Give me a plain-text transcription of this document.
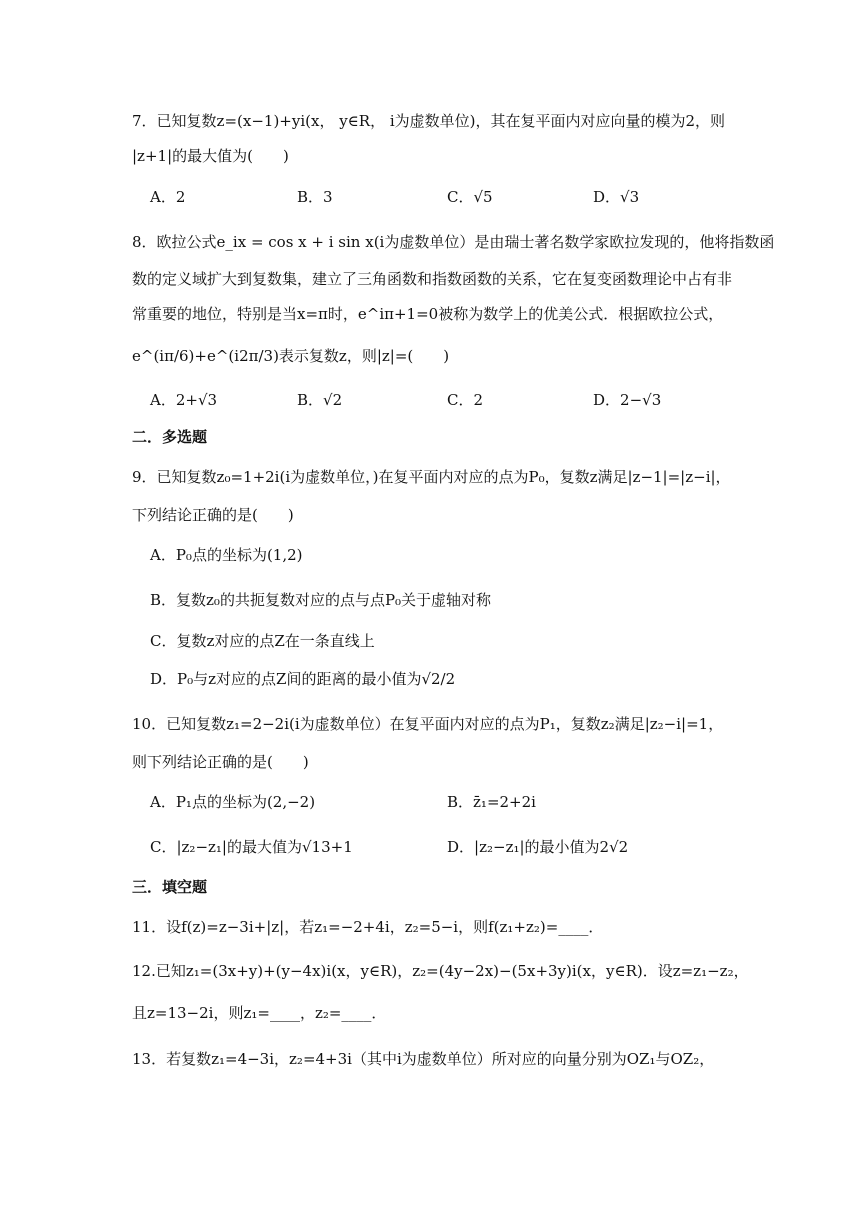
7．已知复数z=(x−1)+yi(x， y∈R， i为虚数单位)，其在复平面内对应向量的模为2，则
|z+1|的最大值为(　　)
A．2	B．3	C．√5	D．√3
8．欧拉公式e_ix = cos x + i sin x(i为虚数单位）是由瑞士著名数学家欧拉发现的，他将指数函
数的定义域扩大到复数集，建立了三角函数和指数函数的关系，它在复变函数理论中占有非
常重要的地位，特别是当x=π时，e^iπ+1=0被称为数学上的优美公式．根据欧拉公式，
e^(iπ/6)+e^(i2π/3)表示复数z，则|z|=(　　)
A．2+√3	B．√2	C．2	D．2−√3
二．多选题
9．已知复数z₀=1+2i(i为虚数单位，)在复平面内对应的点为P₀，复数z满足|z−1|=|z−i|，
下列结论正确的是(　　)
A．P₀点的坐标为(1,2)
B．复数z₀的共扼复数对应的点与点P₀关于虚轴对称
C．复数z对应的点Z在一条直线上
D．P₀与z对应的点Z间的距离的最小值为√2/2
10．已知复数z₁=2−2i(i为虚数单位）在复平面内对应的点为P₁，复数z₂满足|z₂−i|=1，
则下列结论正确的是(　　)
A．P₁点的坐标为(2,−2)	B．z̄₁=2+2i
C．|z₂−z₁|的最大值为√13+1	D．|z₂−z₁|的最小值为2√2
三．填空题
11．设f(z)=z−3i+|z|，若z₁=−2+4i，z₂=5−i，则f(z₁+z₂)=____．
12.已知z₁=(3x+y)+(y−4x)i(x，y∈R)，z₂=(4y−2x)−(5x+3y)i(x，y∈R)．设z=z₁−z₂，
且z=13−2i，则z₁=____，z₂=____．
13．若复数z₁=4−3i，z₂=4+3i（其中i为虚数单位）所对应的向量分别为OZ₁与OZ₂，
